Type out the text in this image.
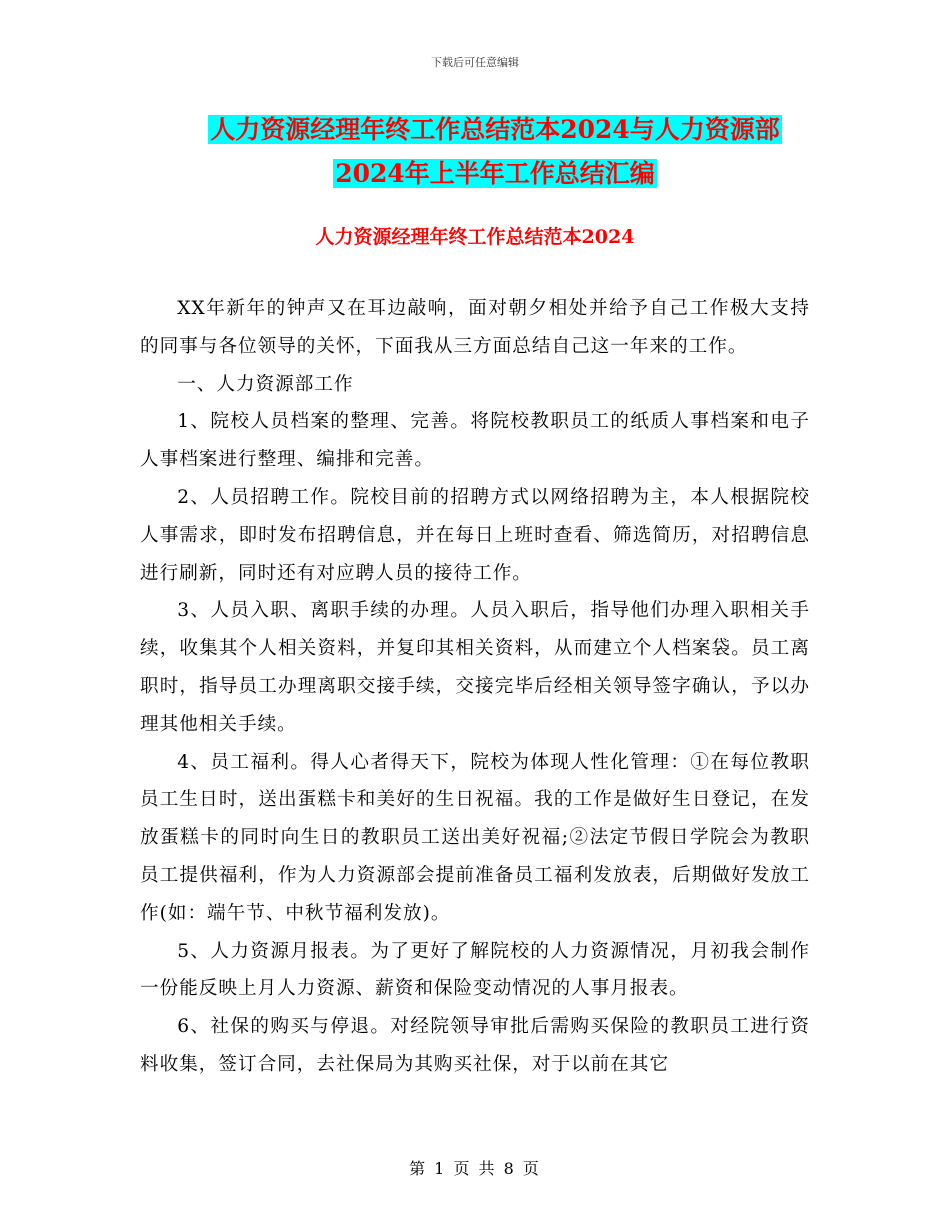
下载后可任意编辑
人力资源经理年终工作总结范本2024与人力资源部
2024年上半年工作总结汇编
人力资源经理年终工作总结范本2024

XX年新年的钟声又在耳边敲响，面对朝夕相处并给予自己工作极大支持的同事与各位领导的关怀，下面我从三方面总结自己这一年来的工作。

一、人力资源部工作

1、院校人员档案的整理、完善。将院校教职员工的纸质人事档案和电子人事档案进行整理、编排和完善。

2、人员招聘工作。院校目前的招聘方式以网络招聘为主，本人根据院校人事需求，即时发布招聘信息，并在每日上班时查看、筛选简历，对招聘信息进行刷新，同时还有对应聘人员的接待工作。

3、人员入职、离职手续的办理。人员入职后，指导他们办理入职相关手续，收集其个人相关资料，并复印其相关资料，从而建立个人档案袋。员工离职时，指导员工办理离职交接手续，交接完毕后经相关领导签字确认，予以办理其他相关手续。

4、员工福利。得人心者得天下，院校为体现人性化管理：①在每位教职员工生日时，送出蛋糕卡和美好的生日祝福。我的工作是做好生日登记，在发放蛋糕卡的同时向生日的教职员工送出美好祝福;②法定节假日学院会为教职员工提供福利，作为人力资源部会提前准备员工福利发放表，后期做好发放工作(如：端午节、中秋节福利发放)。

5、人力资源月报表。为了更好了解院校的人力资源情况，月初我会制作一份能反映上月人力资源、薪资和保险变动情况的人事月报表。

6、社保的购买与停退。对经院领导审批后需购买保险的教职员工进行资料收集，签订合同，去社保局为其购买社保，对于以前在其它

第 1 页 共 8 页
